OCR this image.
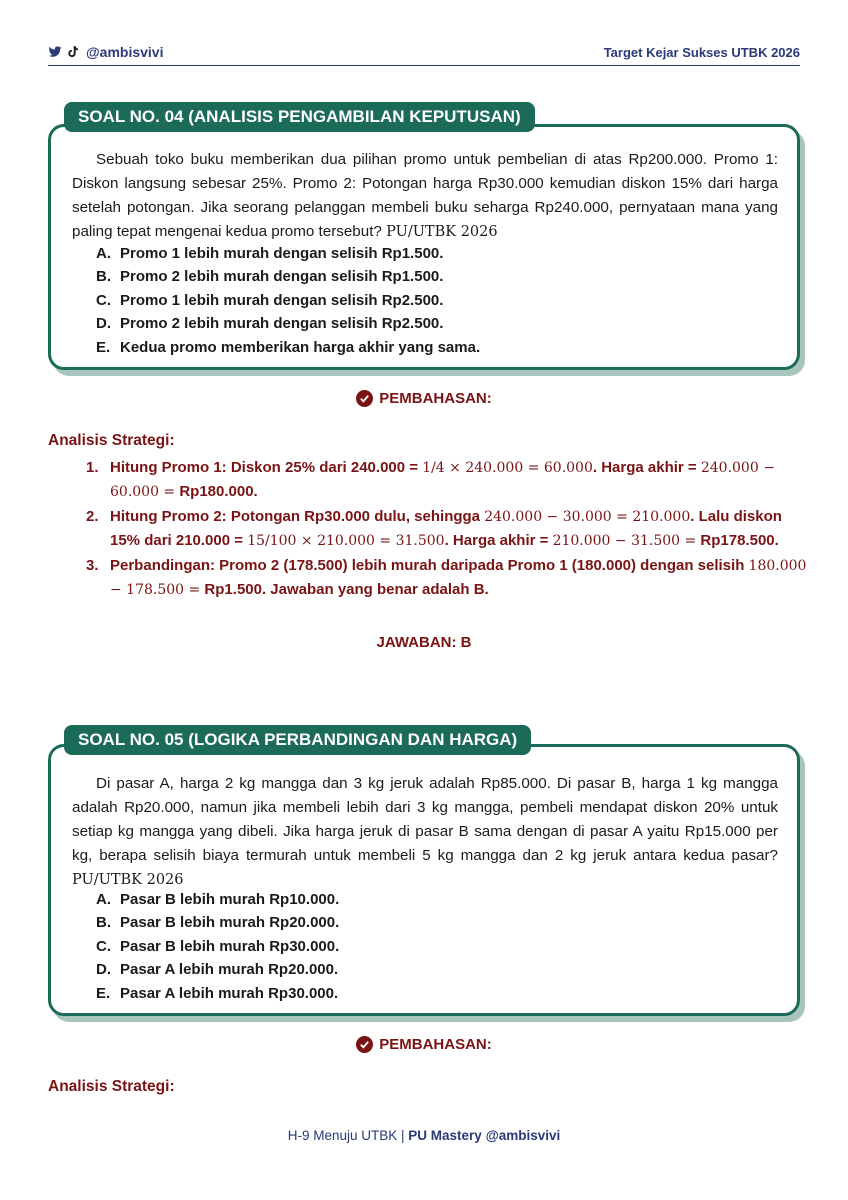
@ambisvivi	Target Kejar Sukses UTBK 2026
SOAL NO. 04 (ANALISIS PENGAMBILAN KEPUTUSAN)
Sebuah toko buku memberikan dua pilihan promo untuk pembelian di atas Rp200.000. Promo 1: Diskon langsung sebesar 25%. Promo 2: Potongan harga Rp30.000 kemudian diskon 15% dari harga setelah potongan. Jika seorang pelanggan membeli buku seharga Rp240.000, pernyataan mana yang paling tepat mengenai kedua promo tersebut? PU/UTBK 2026
A. Promo 1 lebih murah dengan selisih Rp1.500.
B. Promo 2 lebih murah dengan selisih Rp1.500.
C. Promo 1 lebih murah dengan selisih Rp2.500.
D. Promo 2 lebih murah dengan selisih Rp2.500.
E. Kedua promo memberikan harga akhir yang sama.
PEMBAHASAN:
Analisis Strategi:
1. Hitung Promo 1: Diskon 25% dari 240.000 = 1/4 × 240.000 = 60.000. Harga akhir = 240.000 − 60.000 = Rp180.000.
2. Hitung Promo 2: Potongan Rp30.000 dulu, sehingga 240.000 − 30.000 = 210.000. Lalu diskon 15% dari 210.000 = 15/100 × 210.000 = 31.500. Harga akhir = 210.000 − 31.500 = Rp178.500.
3. Perbandingan: Promo 2 (178.500) lebih murah daripada Promo 1 (180.000) dengan selisih 180.000 − 178.500 = Rp1.500. Jawaban yang benar adalah B.
JAWABAN: B
SOAL NO. 05 (LOGIKA PERBANDINGAN DAN HARGA)
Di pasar A, harga 2 kg mangga dan 3 kg jeruk adalah Rp85.000. Di pasar B, harga 1 kg mangga adalah Rp20.000, namun jika membeli lebih dari 3 kg mangga, pembeli mendapat diskon 20% untuk setiap kg mangga yang dibeli. Jika harga jeruk di pasar B sama dengan di pasar A yaitu Rp15.000 per kg, berapa selisih biaya termurah untuk membeli 5 kg mangga dan 2 kg jeruk antara kedua pasar? PU/UTBK 2026
A. Pasar B lebih murah Rp10.000.
B. Pasar B lebih murah Rp20.000.
C. Pasar B lebih murah Rp30.000.
D. Pasar A lebih murah Rp20.000.
E. Pasar A lebih murah Rp30.000.
PEMBAHASAN:
Analisis Strategi:
H-9 Menuju UTBK | PU Mastery @ambisvivi
